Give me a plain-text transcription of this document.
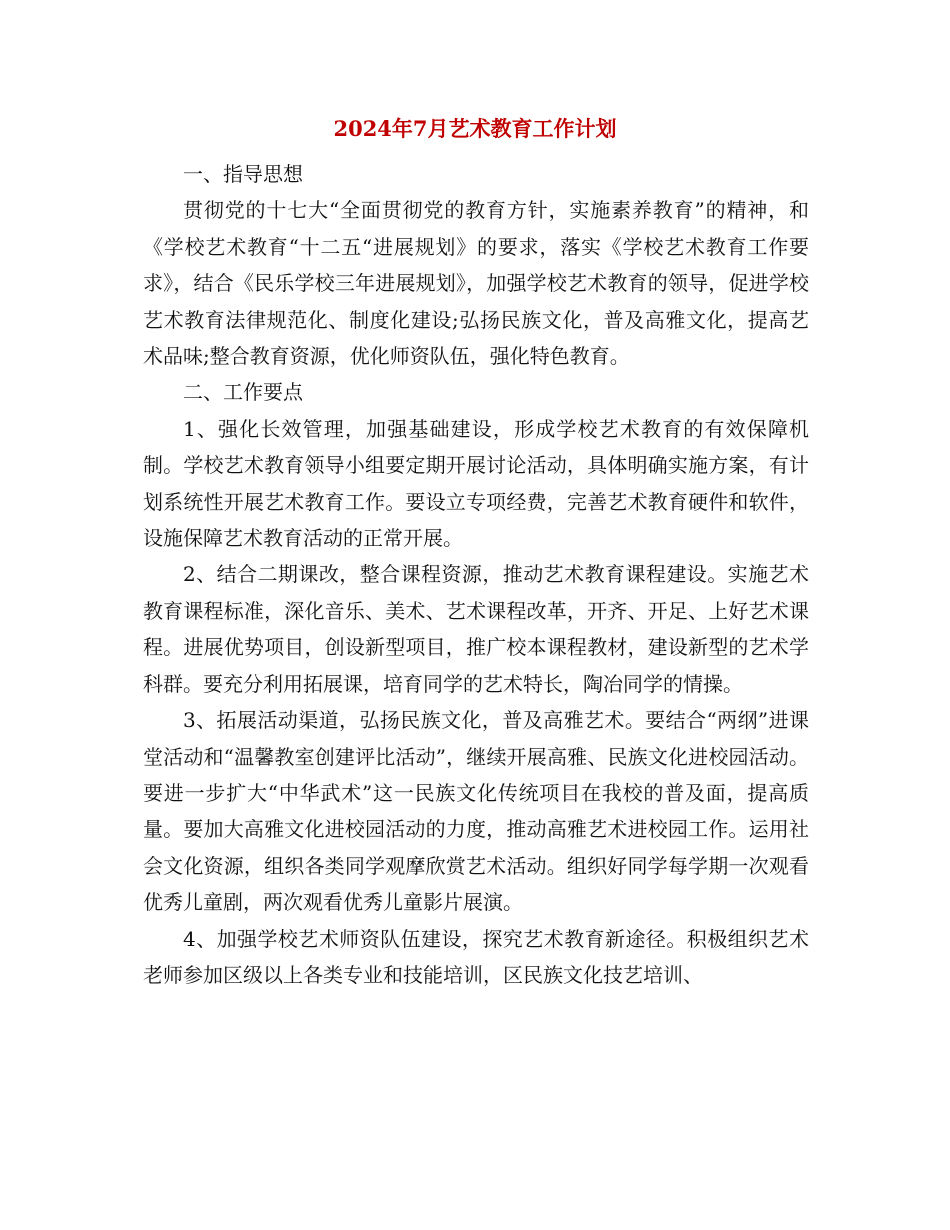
2024年7月艺术教育工作计划

一、指导思想

贯彻党的十七大“全面贯彻党的教育方针，实施素养教育”的精神，和《学校艺术教育“十二五“进展规划》的要求，落实《学校艺术教育工作要求》，结合《民乐学校三年进展规划》，加强学校艺术教育的领导，促进学校艺术教育法律规范化、制度化建设;弘扬民族文化，普及高雅文化，提高艺术品味;整合教育资源，优化师资队伍，强化特色教育。

二、工作要点

1、强化长效管理，加强基础建设，形成学校艺术教育的有效保障机制。学校艺术教育领导小组要定期开展讨论活动，具体明确实施方案，有计划系统性开展艺术教育工作。要设立专项经费，完善艺术教育硬件和软件，设施保障艺术教育活动的正常开展。

2、结合二期课改，整合课程资源，推动艺术教育课程建设。实施艺术教育课程标准，深化音乐、美术、艺术课程改革，开齐、开足、上好艺术课程。进展优势项目，创设新型项目，推广校本课程教材，建设新型的艺术学科群。要充分利用拓展课，培育同学的艺术特长，陶冶同学的情操。

3、拓展活动渠道，弘扬民族文化，普及高雅艺术。要结合“两纲”进课堂活动和“温馨教室创建评比活动”，继续开展高雅、民族文化进校园活动。要进一步扩大“中华武术”这一民族文化传统项目在我校的普及面，提高质量。要加大高雅文化进校园活动的力度，推动高雅艺术进校园工作。运用社会文化资源，组织各类同学观摩欣赏艺术活动。组织好同学每学期一次观看优秀儿童剧，两次观看优秀儿童影片展演。

4、加强学校艺术师资队伍建设，探究艺术教育新途径。积极组织艺术老师参加区级以上各类专业和技能培训，区民族文化技艺培训、
